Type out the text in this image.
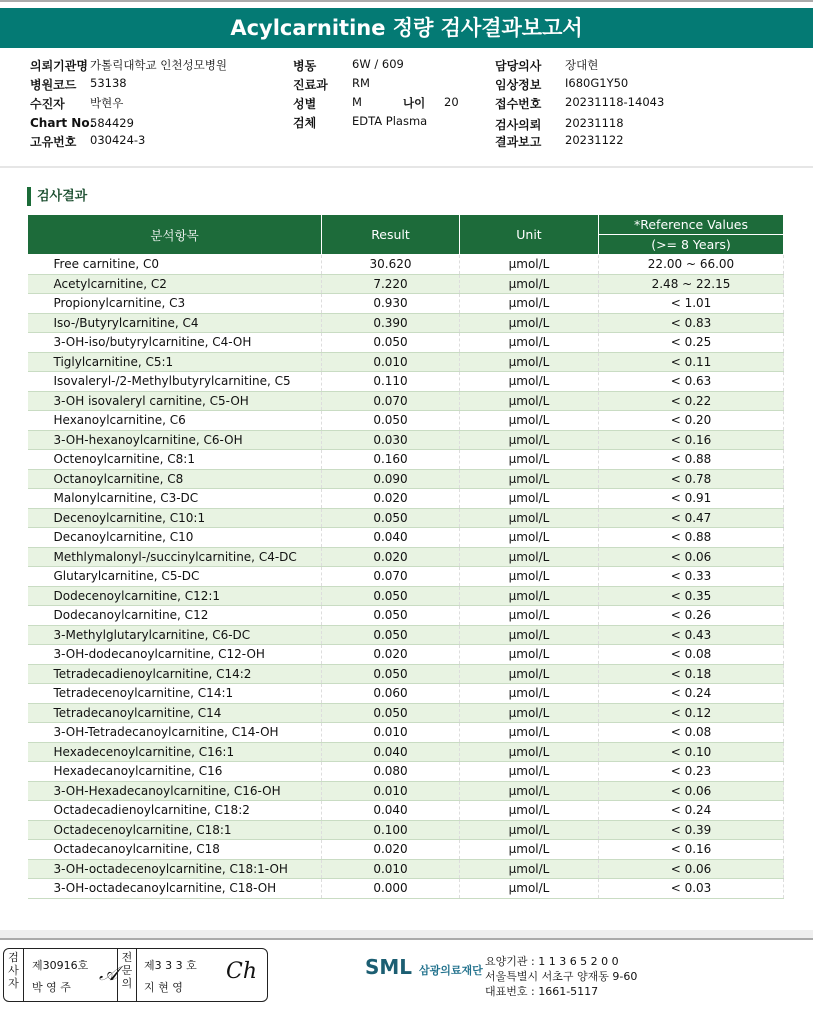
Acylcarnitine 정량 검사결과보고서
의뢰기관명 가톨릭대학교 인천성모병원
병원코드 53138
수진자 박현우
Chart No.
584429
고유번호 030424-3
병동	6W / 609
진료과 RM
성별	M
검체	EDTA Plasma
담당의사 장대현
임상정보 I680G1Y50
접수번호 20231118-14043
검사의뢰 20231118
결과보고 20231122
나이 20
검사결과
분석항목	Result	Unit	*Reference Values
			(>= 8 Years)
Free carnitine, C0	30.620	µmol/L	22.00 ~ 66.00
Acetylcarnitine, C2	7.220	µmol/L	2.48 ~ 22.15
Propionylcarnitine, C3	0.930	µmol/L	< 1.01
Iso-/Butyrylcarnitine, C4	0.390	µmol/L	< 0.83
3-OH-iso/butyrylcarnitine, C4-OH	0.050	µmol/L	< 0.25
Tiglylcarnitine, C5:1	0.010	µmol/L	< 0.11
Isovaleryl-/2-Methylbutyrylcarnitine, C5	0.110	µmol/L	< 0.63
3-OH isovaleryl carnitine, C5-OH	0.070	µmol/L	< 0.22
Hexanoylcarnitine, C6	0.050	µmol/L	< 0.20
3-OH-hexanoylcarnitine, C6-OH	0.030	µmol/L	< 0.16
Octenoylcarnitine, C8:1	0.160	µmol/L	< 0.88
Octanoylcarnitine, C8	0.090	µmol/L	< 0.78
Malonylcarnitine, C3-DC	0.020	µmol/L	< 0.91
Decenoylcarnitine, C10:1	0.050	µmol/L	< 0.47
Decanoylcarnitine, C10	0.040	µmol/L	< 0.88
Methlymalonyl-/succinylcarnitine, C4-DC	0.020	µmol/L	< 0.06
Glutarylcarnitine, C5-DC	0.070	µmol/L	< 0.33
Dodecenoylcarnitine, C12:1	0.050	µmol/L	< 0.35
Dodecanoylcarnitine, C12	0.050	µmol/L	< 0.26
3-Methylglutarylcarnitine, C6-DC	0.050	µmol/L	< 0.43
3-OH-dodecanoylcarnitine, C12-OH	0.020	µmol/L	< 0.08
Tetradecadienoylcarnitine, C14:2	0.050	µmol/L	< 0.18
Tetradecenoylcarnitine, C14:1	0.060	µmol/L	< 0.24
Tetradecanoylcarnitine, C14	0.050	µmol/L	< 0.12
3-OH-Tetradecanoylcarnitine, C14-OH	0.010	µmol/L	< 0.08
Hexadecenoylcarnitine, C16:1	0.040	µmol/L	< 0.10
Hexadecanoylcarnitine, C16	0.080	µmol/L	< 0.23
3-OH-Hexadecanoylcarnitine, C16-OH	0.010	µmol/L	< 0.06
Octadecadienoylcarnitine, C18:2	0.040	µmol/L	< 0.24
Octadecenoylcarnitine, C18:1	0.100	µmol/L	< 0.39
Octadecanoylcarnitine, C18	0.020	µmol/L	< 0.16
3-OH-octadecenoylcarnitine, C18:1-OH	0.010	µmol/L	< 0.06
3-OH-octadecanoylcarnitine, C18-OH	0.000	µmol/L	< 0.03
검사자
제30916호
박 영 주
𝒜
전문의
제3 3 3 호
지 현 영
Ch	SML 삼광의료재단
요양기관 : 1 1 3 6 5 2 0 0
서울특별시 서초구 양재동 9-60
대표번호 : 1661-5117
